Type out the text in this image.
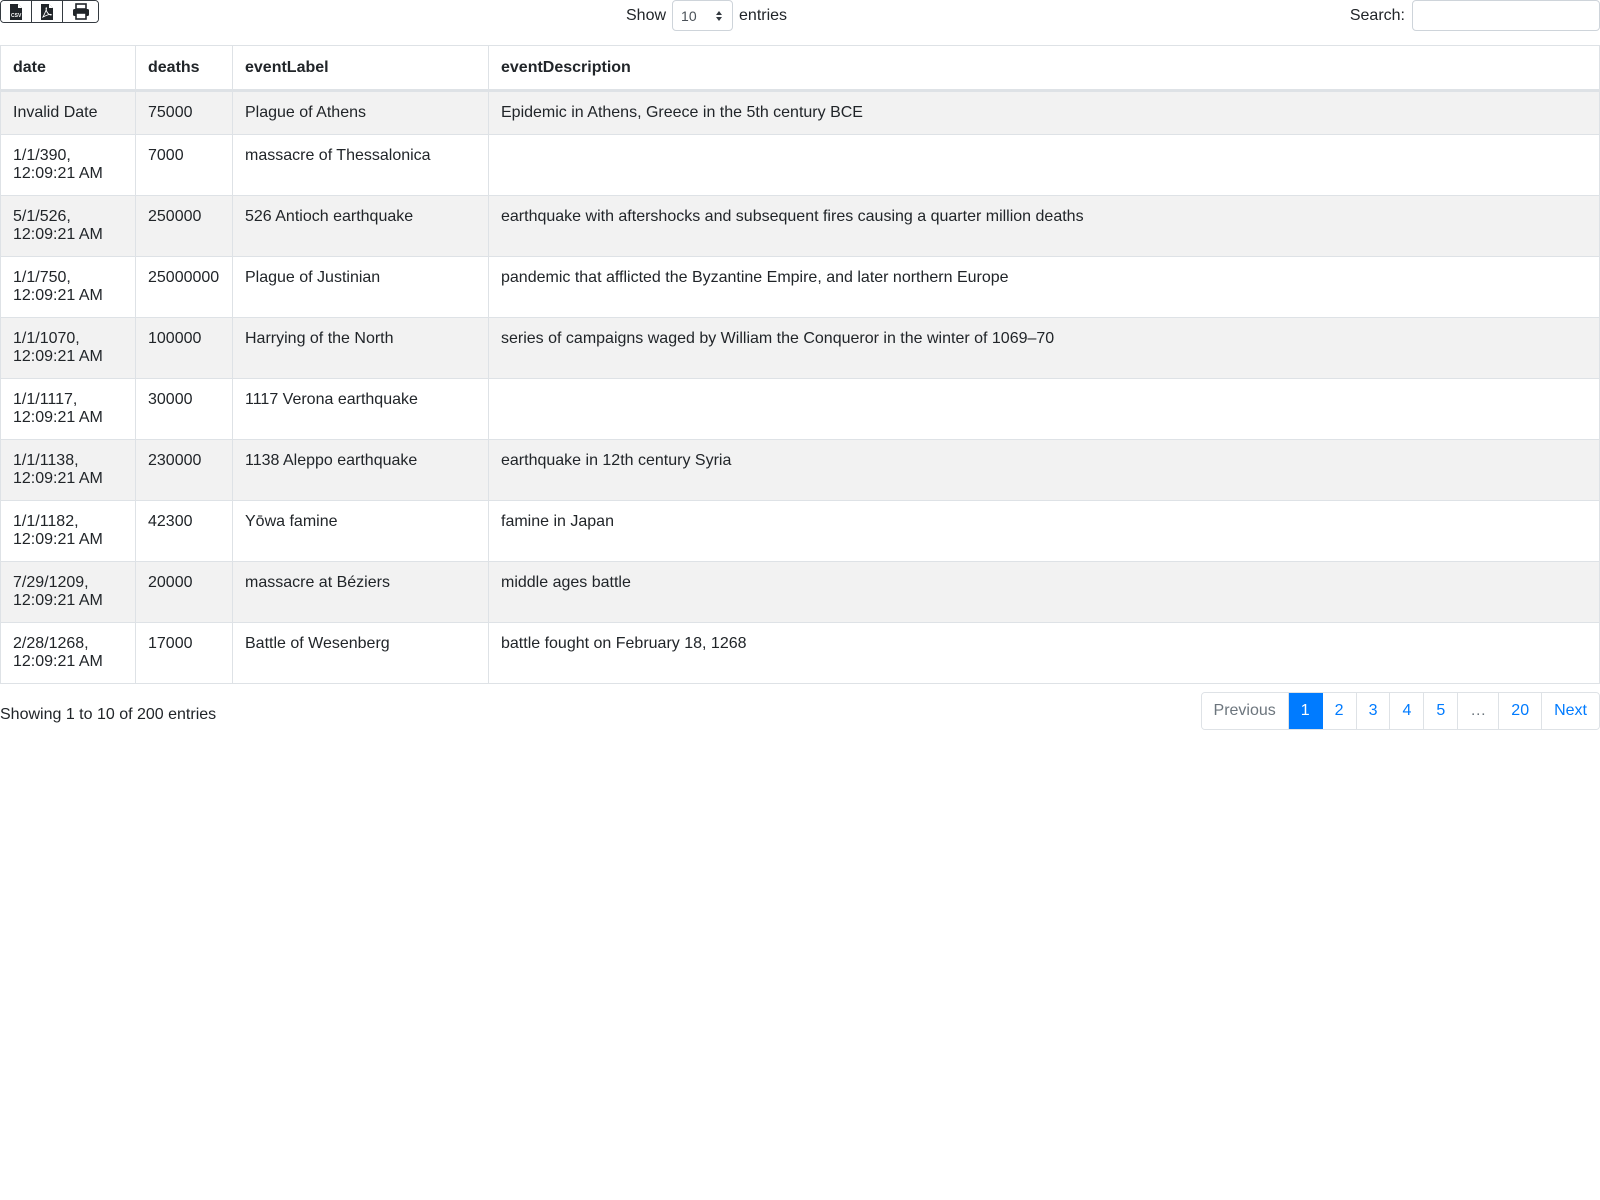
CSV	Show 10	entries	Search:
date	deaths	eventLabel	eventDescription
Invalid Date	75000	Plague of Athens	Epidemic in Athens, Greece in the 5th century BCE
1/1/390, 12:09:21 AM	7000	massacre of Thessalonica	
5/1/526, 12:09:21 AM	250000	526 Antioch earthquake	earthquake with aftershocks and subsequent fires causing a quarter million deaths
1/1/750, 12:09:21 AM	25000000	Plague of Justinian	pandemic that afflicted the Byzantine Empire, and later northern Europe
1/1/1070, 12:09:21 AM	100000	Harrying of the North	series of campaigns waged by William the Conqueror in the winter of 1069–70
1/1/1117, 12:09:21 AM	30000	1117 Verona earthquake	
1/1/1138, 12:09:21 AM	230000	1138 Aleppo earthquake	earthquake in 12th century Syria
1/1/1182, 12:09:21 AM	42300	Yōwa famine	famine in Japan
7/29/1209, 12:09:21 AM	20000	massacre at Béziers	middle ages battle
2/28/1268, 12:09:21 AM	17000	Battle of Wesenberg	battle fought on February 18, 1268
Showing 1 to 10 of 200 entries	Previous	1	2	3	4	5	…	20	Next
